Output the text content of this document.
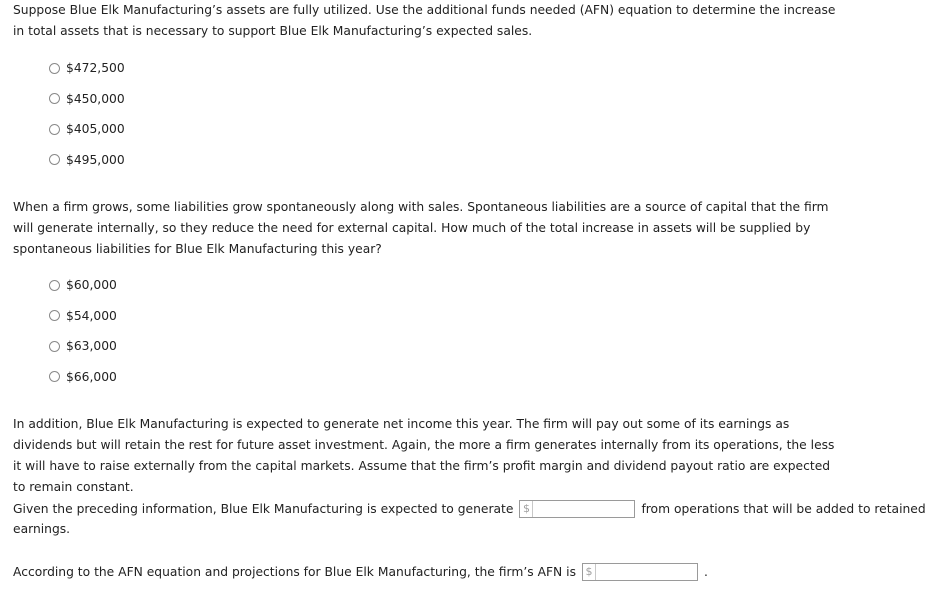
Suppose Blue Elk Manufacturing’s assets are fully utilized. Use the additional funds needed (AFN) equation to determine the increase in total assets that is necessary to support Blue Elk Manufacturing’s expected sales.

$472,500
$450,000
$405,000
$495,000

When a firm grows, some liabilities grow spontaneously along with sales. Spontaneous liabilities are a source of capital that the firm will generate internally, so they reduce the need for external capital. How much of the total increase in assets will be supplied by spontaneous liabilities for Blue Elk Manufacturing this year?

$60,000
$54,000
$63,000
$66,000

In addition, Blue Elk Manufacturing is expected to generate net income this year. The firm will pay out some of its earnings as dividends but will retain the rest for future asset investment. Again, the more a firm generates internally from its operations, the less it will have to raise externally from the capital markets. Assume that the firm’s profit margin and dividend payout ratio are expected to remain constant.

Given the preceding information, Blue Elk Manufacturing is expected to generate $	from operations that will be added to retained
earnings.
According to the AFN equation and projections for Blue Elk Manufacturing, the firm’s AFN is $	.
